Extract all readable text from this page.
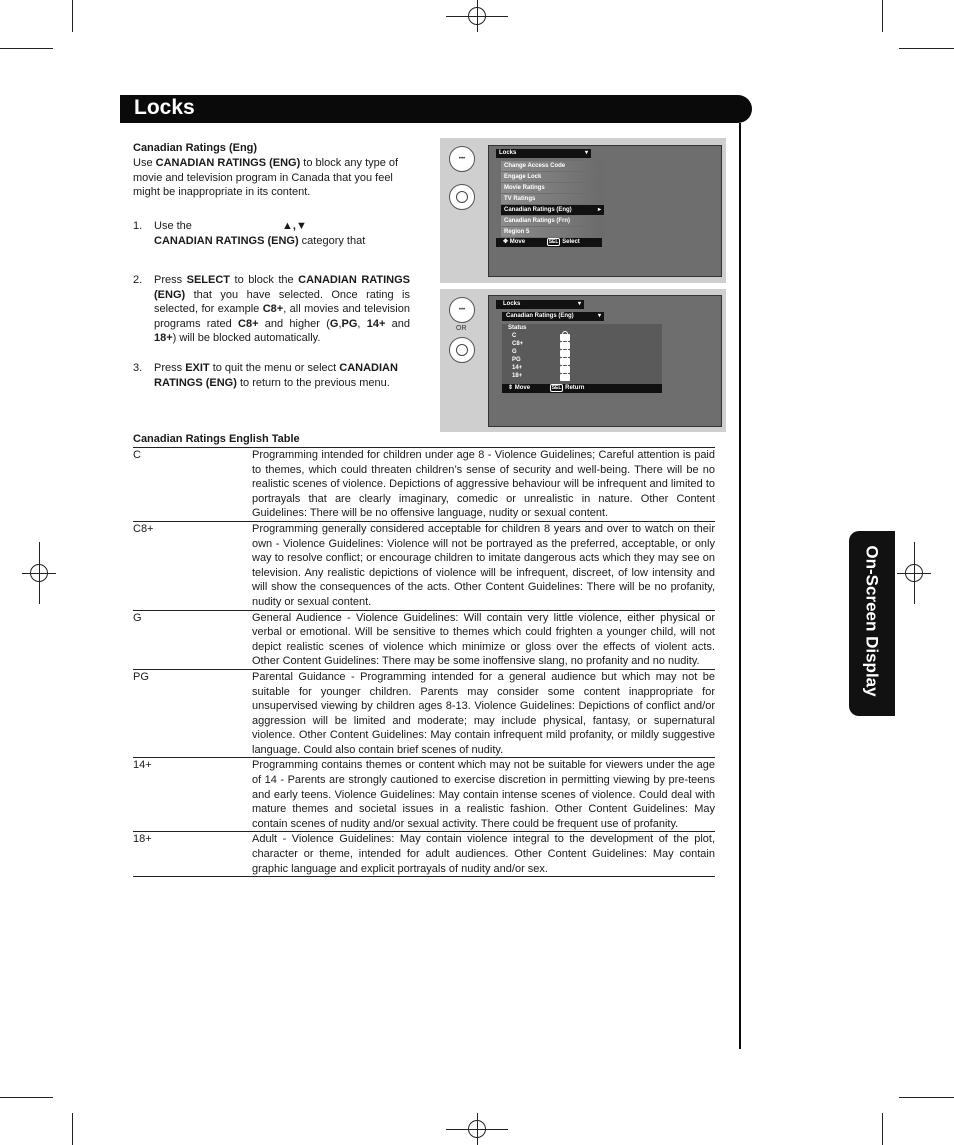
Locks
On-Screen Display
Canadian Ratings (Eng)
Use CANADIAN RATINGS (ENG) to block any type of movie and television program in Canada that you feel might be inappropriate in its content.
1. Use the	▲,▼
CANADIAN RATINGS (ENG) category that
2. Press SELECT to block the CANADIAN RATINGS (ENG) that you have selected. Once rating is selected, for example C8+, all movies and television programs rated C8+ and higher (G,PG, 14+ and 18+) will be blocked automatically.
3. Press EXIT to quit the menu or select CANADIAN RATINGS (ENG) to return to the previous menu.
•••
Locks	▾
Change Access Code
Engage Lock
Movie Ratings
TV Ratings
Canadian Ratings (Eng)	▸
Canadian Ratings (Frn)
Region 5
✥ Move	SEL Select
•••
OR
Locks	▾
Canadian Ratings (Eng)	▾
Status
C
C8+
G
PG
14+
18+
⇕ Move	SEL Return
Canadian Ratings English Table
C	Programming intended for children under age 8 - Violence Guidelines; Careful attention is paid to themes, which could threaten children’s sense of security and well-being. There will be no realistic scenes of violence. Depictions of aggressive behaviour will be infrequent and limited to portrayals that are clearly imaginary, comedic or unrealistic in nature. Other Content Guidelines: There will be no offensive language, nudity or sexual content.
C8+	Programming generally considered acceptable for children 8 years and over to watch on their own - Violence Guidelines: Violence will not be portrayed as the preferred, acceptable, or only way to resolve conflict; or encourage children to imitate dangerous acts which they may see on television. Any realistic depictions of violence will be infrequent, discreet, of low intensity and will show the consequences of the acts. Other Content Guidelines: There will be no profanity, nudity or sexual content.
G	General Audience - Violence Guidelines: Will contain very little violence, either physical or verbal or emotional. Will be sensitive to themes which could frighten a younger child, will not depict realistic scenes of violence which minimize or gloss over the effects of violent acts. Other Content Guidelines: There may be some inoffensive slang, no profanity and no nudity.
PG	Parental Guidance - Programming intended for a general audience but which may not be suitable for younger children. Parents may consider some content inappropriate for unsupervised viewing by children ages 8-13. Violence Guidelines: Depictions of conflict and/or aggression will be limited and moderate; may include physical, fantasy, or supernatural violence. Other Content Guidelines: May contain infrequent mild profanity, or mildly suggestive language. Could also contain brief scenes of nudity.
14+	Programming contains themes or content which may not be suitable for viewers under the age of 14 - Parents are strongly cautioned to exercise discretion in permitting viewing by pre-teens and early teens. Violence Guidelines: May contain intense scenes of violence. Could deal with mature themes and societal issues in a realistic fashion. Other Content Guidelines: May contain scenes of nudity and/or sexual activity. There could be frequent use of profanity.
18+	Adult - Violence Guidelines: May contain violence integral to the development of the plot, character or theme, intended for adult audiences. Other Content Guidelines: May contain graphic language and explicit portrayals of nudity and/or sex.
